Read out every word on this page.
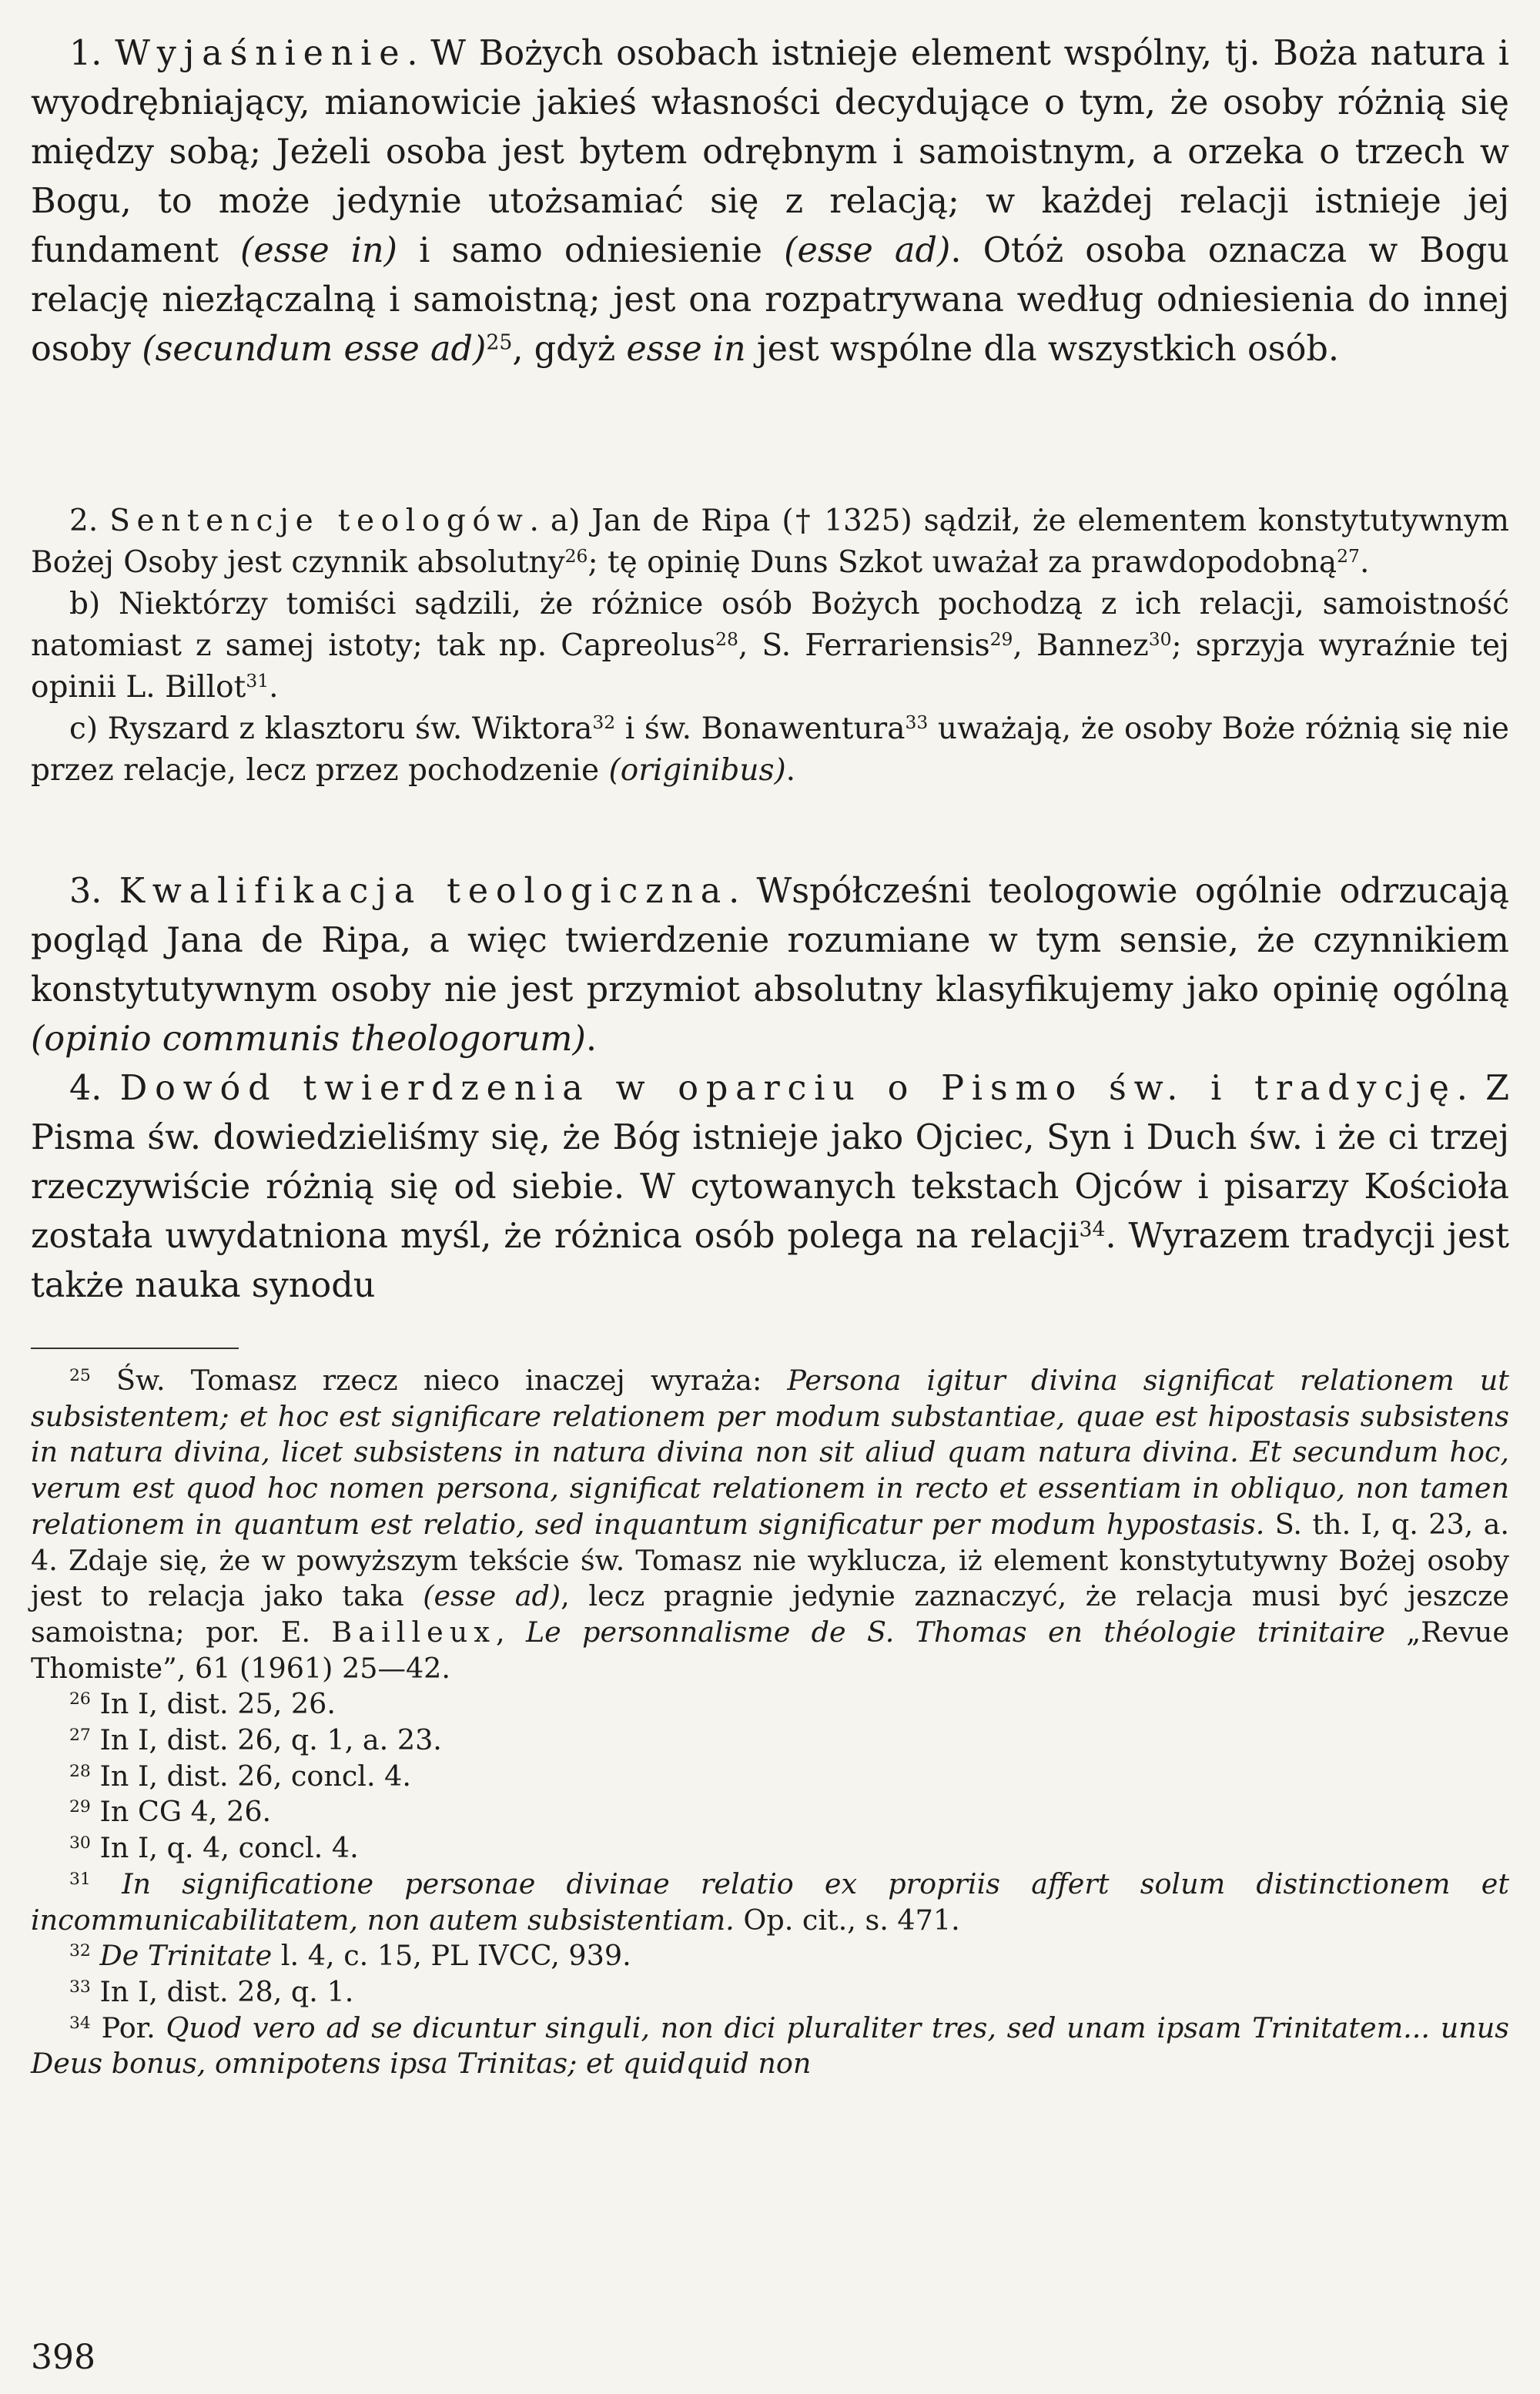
1. Wyjaśnienie. W Bożych osobach istnieje element wspólny, tj. Boża natura i wyodrębniający, mianowicie jakieś własności decydujące o tym, że osoby różnią się między sobą; Jeżeli osoba jest bytem odrębnym i samoistnym, a orzeka o trzech w Bogu, to może jedynie utożsamiać się z relacją; w każdej relacji istnieje jej fundament (esse in) i samo odniesienie (esse ad). Otóż osoba oznacza w Bogu relację niezłączalną i samoistną; jest ona rozpatrywana według odniesienia do innej osoby (secundum esse ad)$^{25}$, gdyż esse in jest wspólne dla wszystkich osób.

2. Sentencje teologów. a) Jan de Ripa († 1325) sądził, że elementem konstytutywnym Bożej Osoby jest czynnik absolutny$^{26}$; tę opinię Duns Szkot uważał za prawdopodobną$^{27}$.

b) Niektórzy tomiści sądzili, że różnice osób Bożych pochodzą z ich relacji, samoistność natomiast z samej istoty; tak np. Capreolus$^{28}$, S. Ferrariensis$^{29}$, Bannez$^{30}$; sprzyja wyraźnie tej opinii L. Billot$^{31}$.

c) Ryszard z klasztoru św. Wiktora$^{32}$ i św. Bonawentura$^{33}$ uważają, że osoby Boże różnią się nie przez relacje, lecz przez pochodzenie (originibus).

3. Kwalifikacja teologiczna. Współcześni teologowie ogólnie odrzucają pogląd Jana de Ripa, a więc twierdzenie rozumiane w tym sensie, że czynnikiem konstytutywnym osoby nie jest przymiot absolutny klasyfikujemy jako opinię ogólną (opinio communis theologorum).

4. Dowód twierdzenia w oparciu o Pismo św. i tradycję. Z Pisma św. dowiedzieliśmy się, że Bóg istnieje jako Ojciec, Syn i Duch św. i że ci trzej rzeczywiście różnią się od siebie. W cytowanych tekstach Ojców i pisarzy Kościoła została uwydatniona myśl, że różnica osób polega na relacji$^{34}$. Wyrazem tradycji jest także nauka synodu

$^{25}$ Św. Tomasz rzecz nieco inaczej wyraża: Persona igitur divina significat relationem ut subsistentem; et hoc est significare relationem per modum substantiae, quae est hipostasis subsistens in natura divina, licet subsistens in natura divina non sit aliud quam natura divina. Et secundum hoc, verum est quod hoc nomen persona, significat relationem in recto et essentiam in obliquo, non tamen relationem in quantum est relatio, sed inquantum significatur per modum hypostasis. S. th. I, q. 23, a. 4. Zdaje się, że w powyższym tekście św. Tomasz nie wyklucza, iż element konstytutywny Bożej osoby jest to relacja jako taka (esse ad), lecz pragnie jedynie zaznaczyć, że relacja musi być jeszcze samoistna; por. E. Bailleux, Le personnalisme de S. Thomas en théologie trinitaire „Revue Thomiste”, 61 (1961) 25—42.

$^{26}$ In I, dist. 25, 26.

$^{27}$ In I, dist. 26, q. 1, a. 23.

$^{28}$ In I, dist. 26, concl. 4.

$^{29}$ In CG 4, 26.

$^{30}$ In I, q. 4, concl. 4.

$^{31}$ In significatione personae divinae relatio ex propriis affert solum distinctionem et incommunicabilitatem, non autem subsistentiam. Op. cit., s. 471.

$^{32}$ De Trinitate l. 4, c. 15, PL IVCC, 939.

$^{33}$ In I, dist. 28, q. 1.

$^{34}$ Por. Quod vero ad se dicuntur singuli, non dici pluraliter tres, sed unam ipsam Trinitatem... unus Deus bonus, omnipotens ipsa Trinitas; et quidquid non

398
